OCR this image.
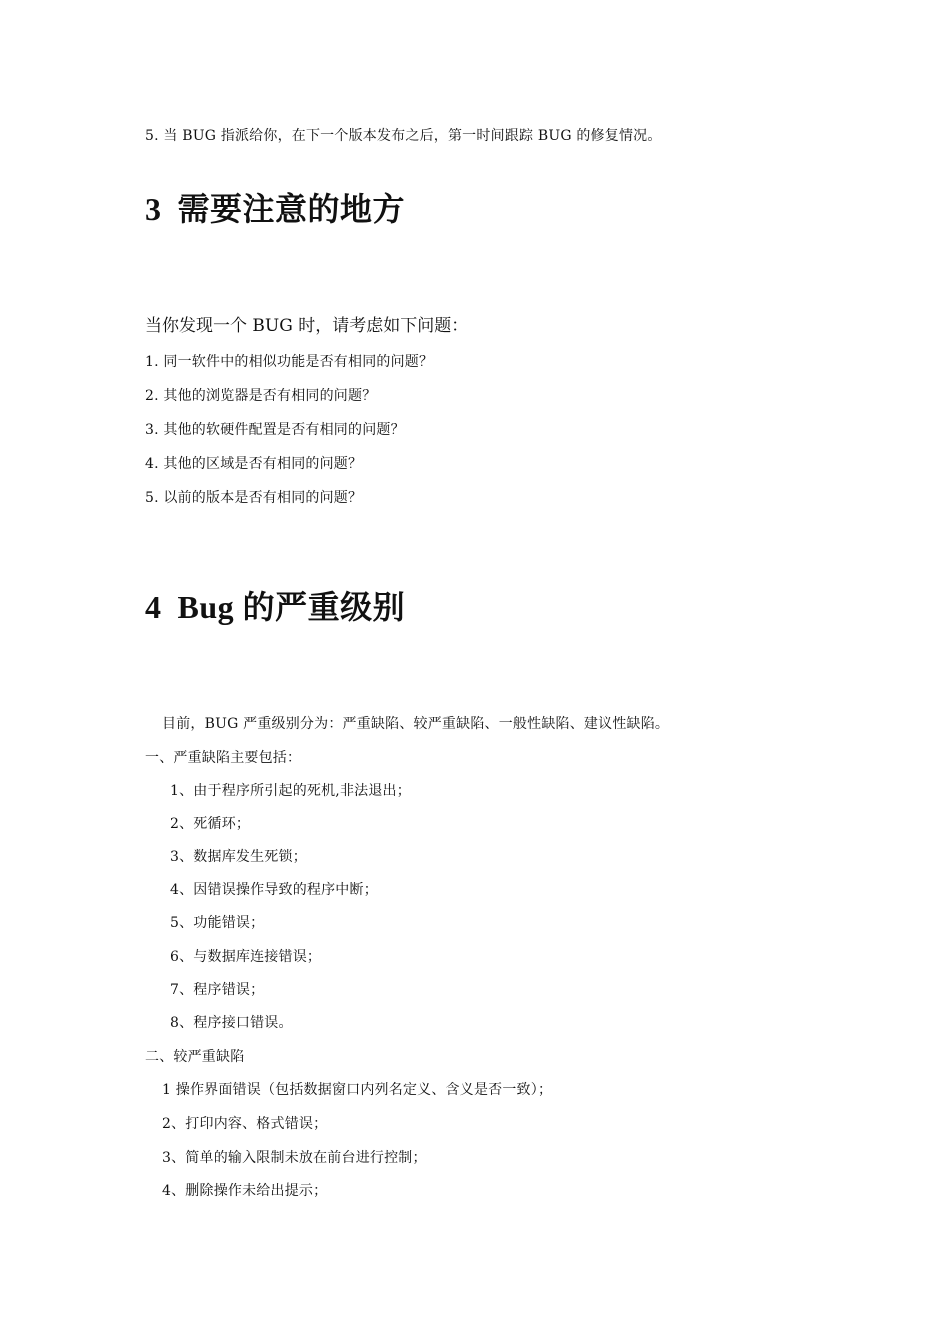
5. 当 BUG 指派给你，在下一个版本发布之后，第一时间跟踪 BUG 的修复情况。
3 需要注意的地方
当你发现一个 BUG 时，请考虑如下问题：
1. 同一软件中的相似功能是否有相同的问题？
2. 其他的浏览器是否有相同的问题？
3. 其他的软硬件配置是否有相同的问题？
4. 其他的区域是否有相同的问题？
5. 以前的版本是否有相同的问题？
4 Bug 的严重级别
目前，BUG 严重级别分为：严重缺陷、较严重缺陷、一般性缺陷、建议性缺陷。
一、严重缺陷主要包括：
1、由于程序所引起的死机,非法退出；
2、死循环；
3、数据库发生死锁；
4、因错误操作导致的程序中断；
5、功能错误；
6、与数据库连接错误；
7、程序错误；
8、程序接口错误。
二、较严重缺陷
1 操作界面错误（包括数据窗口内列名定义、含义是否一致）；
2、打印内容、格式错误；
3、简单的输入限制未放在前台进行控制；
4、删除操作未给出提示；
